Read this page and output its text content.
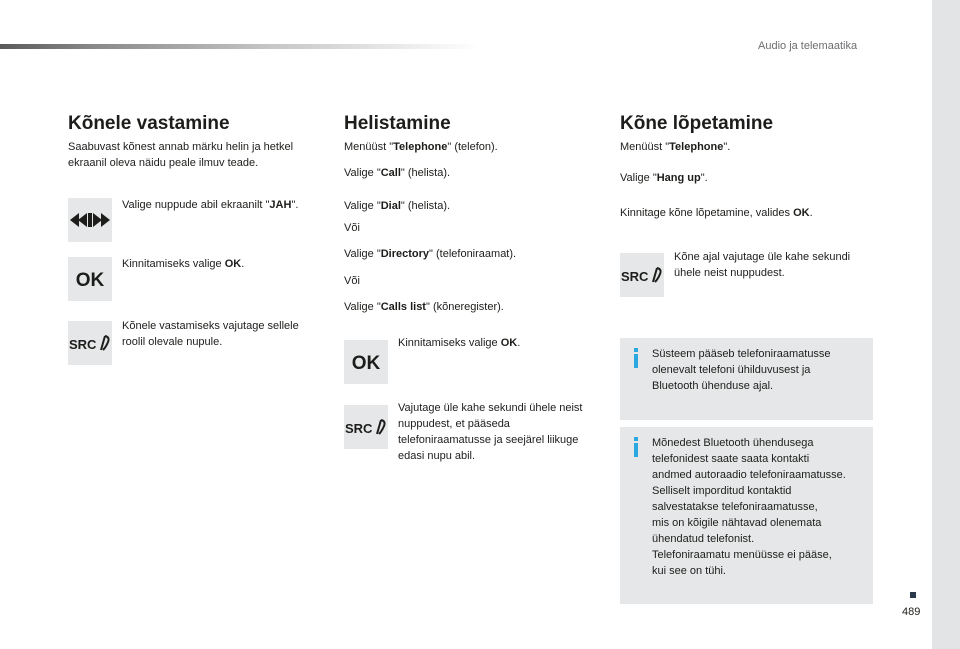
Audio ja telemaatika
Kõnele vastamine

Saabuvast kõnest annab märku helin ja hetkel ekraanil oleva näidu peale ilmuv teade.

Valige nuppude abil ekraanilt "JAH".

OK

Kinnitamiseks valige OK.

SRC

Kõnele vastamiseks vajutage sellele roolil olevale nupule.

Helistamine

Menüüst "Telephone" (telefon).

Valige "Call" (helista).

Valige "Dial" (helista).

Või

Valige "Directory" (telefoniraamat).

Või

Valige "Calls list" (kõneregister).

OK

Kinnitamiseks valige OK.

SRC

Vajutage üle kahe sekundi ühele neist nuppudest, et pääseda telefoniraamatusse ja seejärel liikuge edasi nupu abil.

Kõne lõpetamine

Menüüst "Telephone".

Valige "Hang up".

Kinnitage kõne lõpetamine, valides OK.

SRC

Kõne ajal vajutage üle kahe sekundi ühele neist nuppudest.

Süsteem pääseb telefoniraamatusse
olenevalt telefoni ühilduvusest ja
Bluetooth ühenduse ajal.

Mõnedest Bluetooth ühendusega
telefonidest saate saata kontakti
andmed autoraadio telefoniraamatusse.
Selliselt imporditud kontaktid
salvestatakse telefoniraamatusse,
mis on kõigile nähtavad olenemata
ühendatud telefonist.
Telefoniraamatu menüüsse ei pääse,
kui see on tühi.

489
